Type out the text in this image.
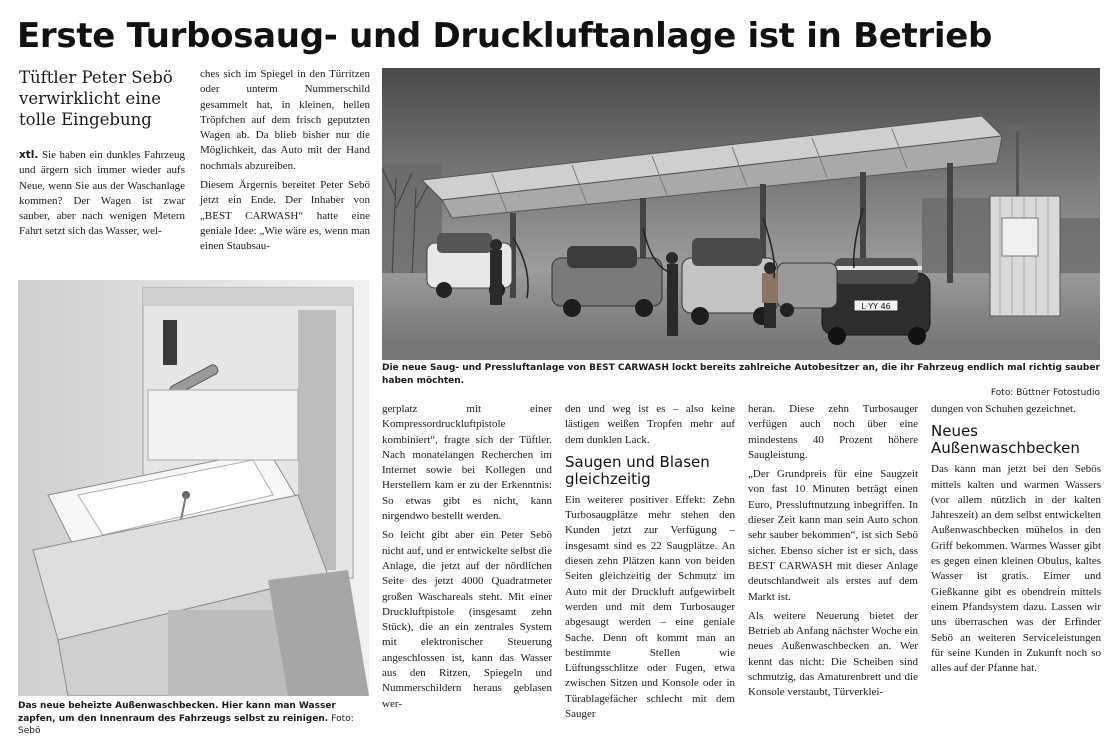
Erste Turbosaug- und Druckluftanlage ist in Betrieb
Tüftler Peter Sebö verwirklicht eine tolle Eingebung

xtl. Sie haben ein dunkles Fahrzeug und ärgern sich immer wieder aufs Neue, wenn Sie aus der Waschanlage kommen? Der Wagen ist zwar sauber, aber nach wenigen Metern Fahrt setzt sich das Wasser, wel-

ches sich im Spiegel in den Türritzen oder unterm Nummerschild gesammelt hat, in kleinen, hellen Tröpfchen auf dem frisch geputzten Wagen ab. Da blieb bisher nur die Möglichkeit, das Auto mit der Hand nochmals abzureiben.

Diesem Ärgernis bereitet Peter Sebö jetzt ein Ende. Der Inhaber von „BEST CARWASH“ hatte eine geniale Idee: „Wie wäre es, wenn man einen Staubsau-

L·YY 46
Die neue Saug- und Pressluftanlage von BEST CARWASH lockt bereits zahlreiche Autobesitzer an, die ihr Fahrzeug endlich mal richtig sauber haben möchten.
Foto: Büttner Fotostudio
Das neue beheizte Außenwaschbecken. Hier kann man Wasser zapfen, um den Innenraum des Fahrzeugs selbst zu reinigen. Foto: Sebö

gerplatz mit einer Kompressordruckluftpistole kombiniert“, fragte sich der Tüftler. Nach monatelangen Recherchen im Internet sowie bei Kollegen und Herstellern kam er zu der Erkenntnis: So etwas gibt es nicht, kann nirgendwo bestellt werden.

So leicht gibt aber ein Peter Sebö nicht auf, und er entwickelte selbst die Anlage, die jetzt auf der nördlichen Seite des jetzt 4000 Quadratmeter großen Waschareals steht. Mit einer Druckluftpistole (insgesamt zehn Stück), die an ein zentrales System mit elektronischer Steuerung angeschlossen ist, kann das Wasser aus den Ritzen, Spiegeln und Nummerschildern heraus geblasen wer-

den und weg ist es – also keine lästigen weißen Tropfen mehr auf dem dunklen Lack.

Saugen und Blasen gleichzeitig

Ein weiterer positiver Effekt: Zehn Turbosaugplätze mehr stehen den Kunden jetzt zur Verfügung – insgesamt sind es 22 Saugplätze. An diesen zehn Plätzen kann von beiden Seiten gleichzeitig der Schmutz im Auto mit der Druckluft aufgewirbelt werden und mit dem Turbosauger abgesaugt werden – eine geniale Sache. Denn oft kommt man an bestimmte Stellen wie Lüftungsschlitze oder Fugen, etwa zwischen Sitzen und Konsole oder in Türablagefächer schlecht mit dem Sauger

heran. Diese zehn Turbosauger verfügen auch noch über eine mindestens 40 Prozent höhere Saugleistung.

„Der Grundpreis für eine Saugzeit von fast 10 Minuten beträgt einen Euro, Pressluftnutzung inbegriffen. In dieser Zeit kann man sein Auto schon sehr sauber bekommen“, ist sich Sebö sicher. Ebenso sicher ist er sich, dass BEST CARWASH mit dieser Anlage deutschlandweit als erstes auf dem Markt ist.

Als weitere Neuerung bietet der Betrieb ab Anfang nächster Woche ein neues Außenwaschbecken an. Wer kennt das nicht: Die Scheiben sind schmutzig, das Amaturenbrett und die Konsole verstaubt, Türverklei-

dungen von Schuhen gezeichnet.

Neues Außenwaschbecken

Das kann man jetzt bei den Sebös mittels kalten und warmen Wassers (vor allem nützlich in der kalten Jahreszeit) an dem selbst entwickelten Außenwaschbecken mühelos in den Griff bekommen. Warmes Wasser gibt es gegen einen kleinen Obulus, kaltes Wasser ist gratis. Eimer und Gießkanne gibt es obendrein mittels einem Pfandsystem dazu. Lassen wir uns überraschen was der Erfinder Sebö an weiteren Serviceleistungen für seine Kunden in Zukunft noch so alles auf der Pfanne hat.
